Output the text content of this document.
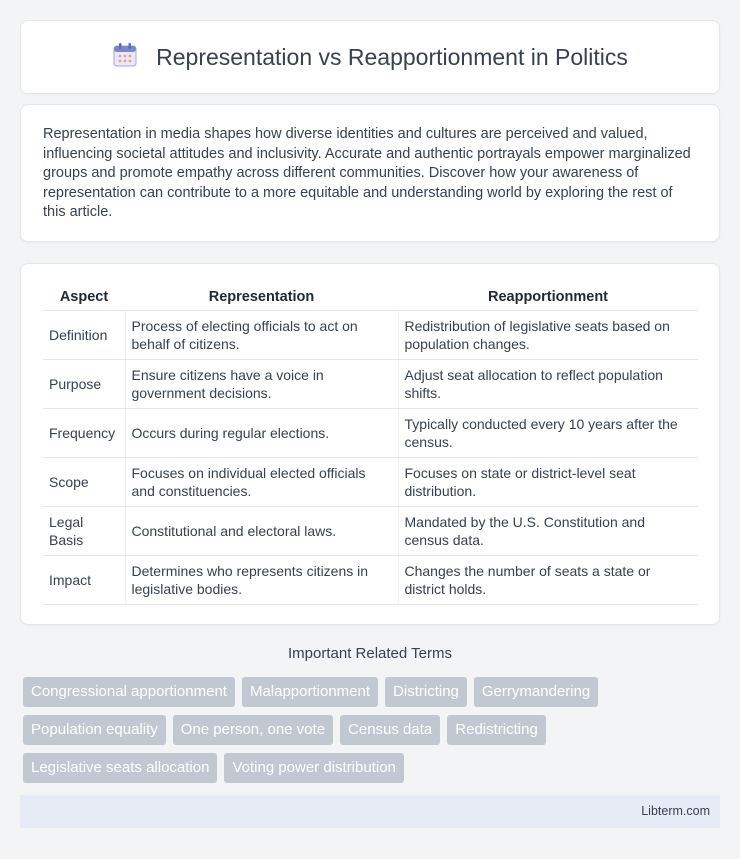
Representation vs Reapportionment in Politics

Representation in media shapes how diverse identities and cultures are perceived and valued, influencing societal attitudes and inclusivity. Accurate and authentic portrayals empower marginalized groups and promote empathy across different communities. Discover how your awareness of representation can contribute to a more equitable and understanding world by exploring the rest of this article.

Aspect	Representation	Reapportionment
Definition	Process of electing officials to act on behalf of citizens.	Redistribution of legislative seats based on population changes.
Purpose	Ensure citizens have a voice in government decisions.	Adjust seat allocation to reflect population shifts.
Frequency	Occurs during regular elections.	Typically conducted every 10 years after the census.
Scope	Focuses on individual elected officials and constituencies.	Focuses on state or district-level seat distribution.
Legal Basis	Constitutional and electoral laws.	Mandated by the U.S. Constitution and census data.
Impact	Determines who represents citizens in legislative bodies.	Changes the number of seats a state or district holds.
Important Related Terms
Congressional apportionment	Malapportionment	Districting	Gerrymandering
Population equality	One person, one vote	Census data	Redistricting
Legislative seats allocation	Voting power distribution
Libterm.com
